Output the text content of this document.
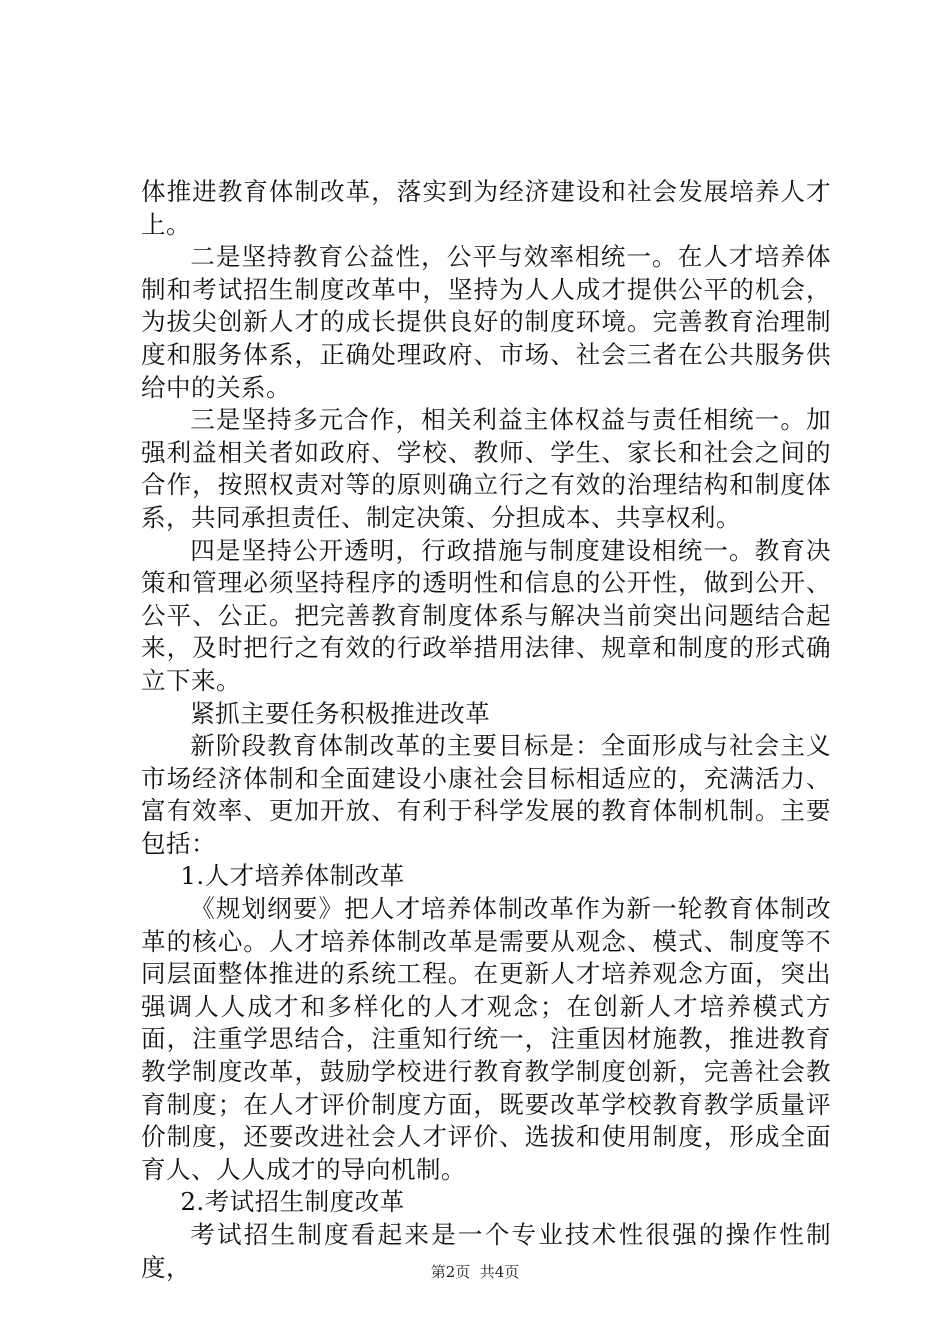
体推进教育体制改革，落实到为经济建设和社会发展培养人才上。

二是坚持教育公益性，公平与效率相统一。在人才培养体制和考试招生制度改革中，坚持为人人成才提供公平的机会，为拔尖创新人才的成长提供良好的制度环境。完善教育治理制度和服务体系，正确处理政府、市场、社会三者在公共服务供给中的关系。

三是坚持多元合作，相关利益主体权益与责任相统一。加强利益相关者如政府、学校、教师、学生、家长和社会之间的合作，按照权责对等的原则确立行之有效的治理结构和制度体系，共同承担责任、制定决策、分担成本、共享权利。

四是坚持公开透明，行政措施与制度建设相统一。教育决策和管理必须坚持程序的透明性和信息的公开性，做到公开、公平、公正。把完善教育制度体系与解决当前突出问题结合起来，及时把行之有效的行政举措用法律、规章和制度的形式确立下来。

紧抓主要任务积极推进改革

新阶段教育体制改革的主要目标是：全面形成与社会主义市场经济体制和全面建设小康社会目标相适应的，充满活力、富有效率、更加开放、有利于科学发展的教育体制机制。主要包括：

1.人才培养体制改革

《规划纲要》把人才培养体制改革作为新一轮教育体制改革的核心。人才培养体制改革是需要从观念、模式、制度等不同层面整体推进的系统工程。在更新人才培养观念方面，突出强调人人成才和多样化的人才观念；在创新人才培养模式方面，注重学思结合，注重知行统一，注重因材施教，推进教育教学制度改革，鼓励学校进行教育教学制度创新，完善社会教育制度；在人才评价制度方面，既要改革学校教育教学质量评价制度，还要改进社会人才评价、选拔和使用制度，形成全面育人、人人成才的导向机制。

2.考试招生制度改革

考试招生制度看起来是一个专业技术性很强的操作性制度，	第2页  共4页
